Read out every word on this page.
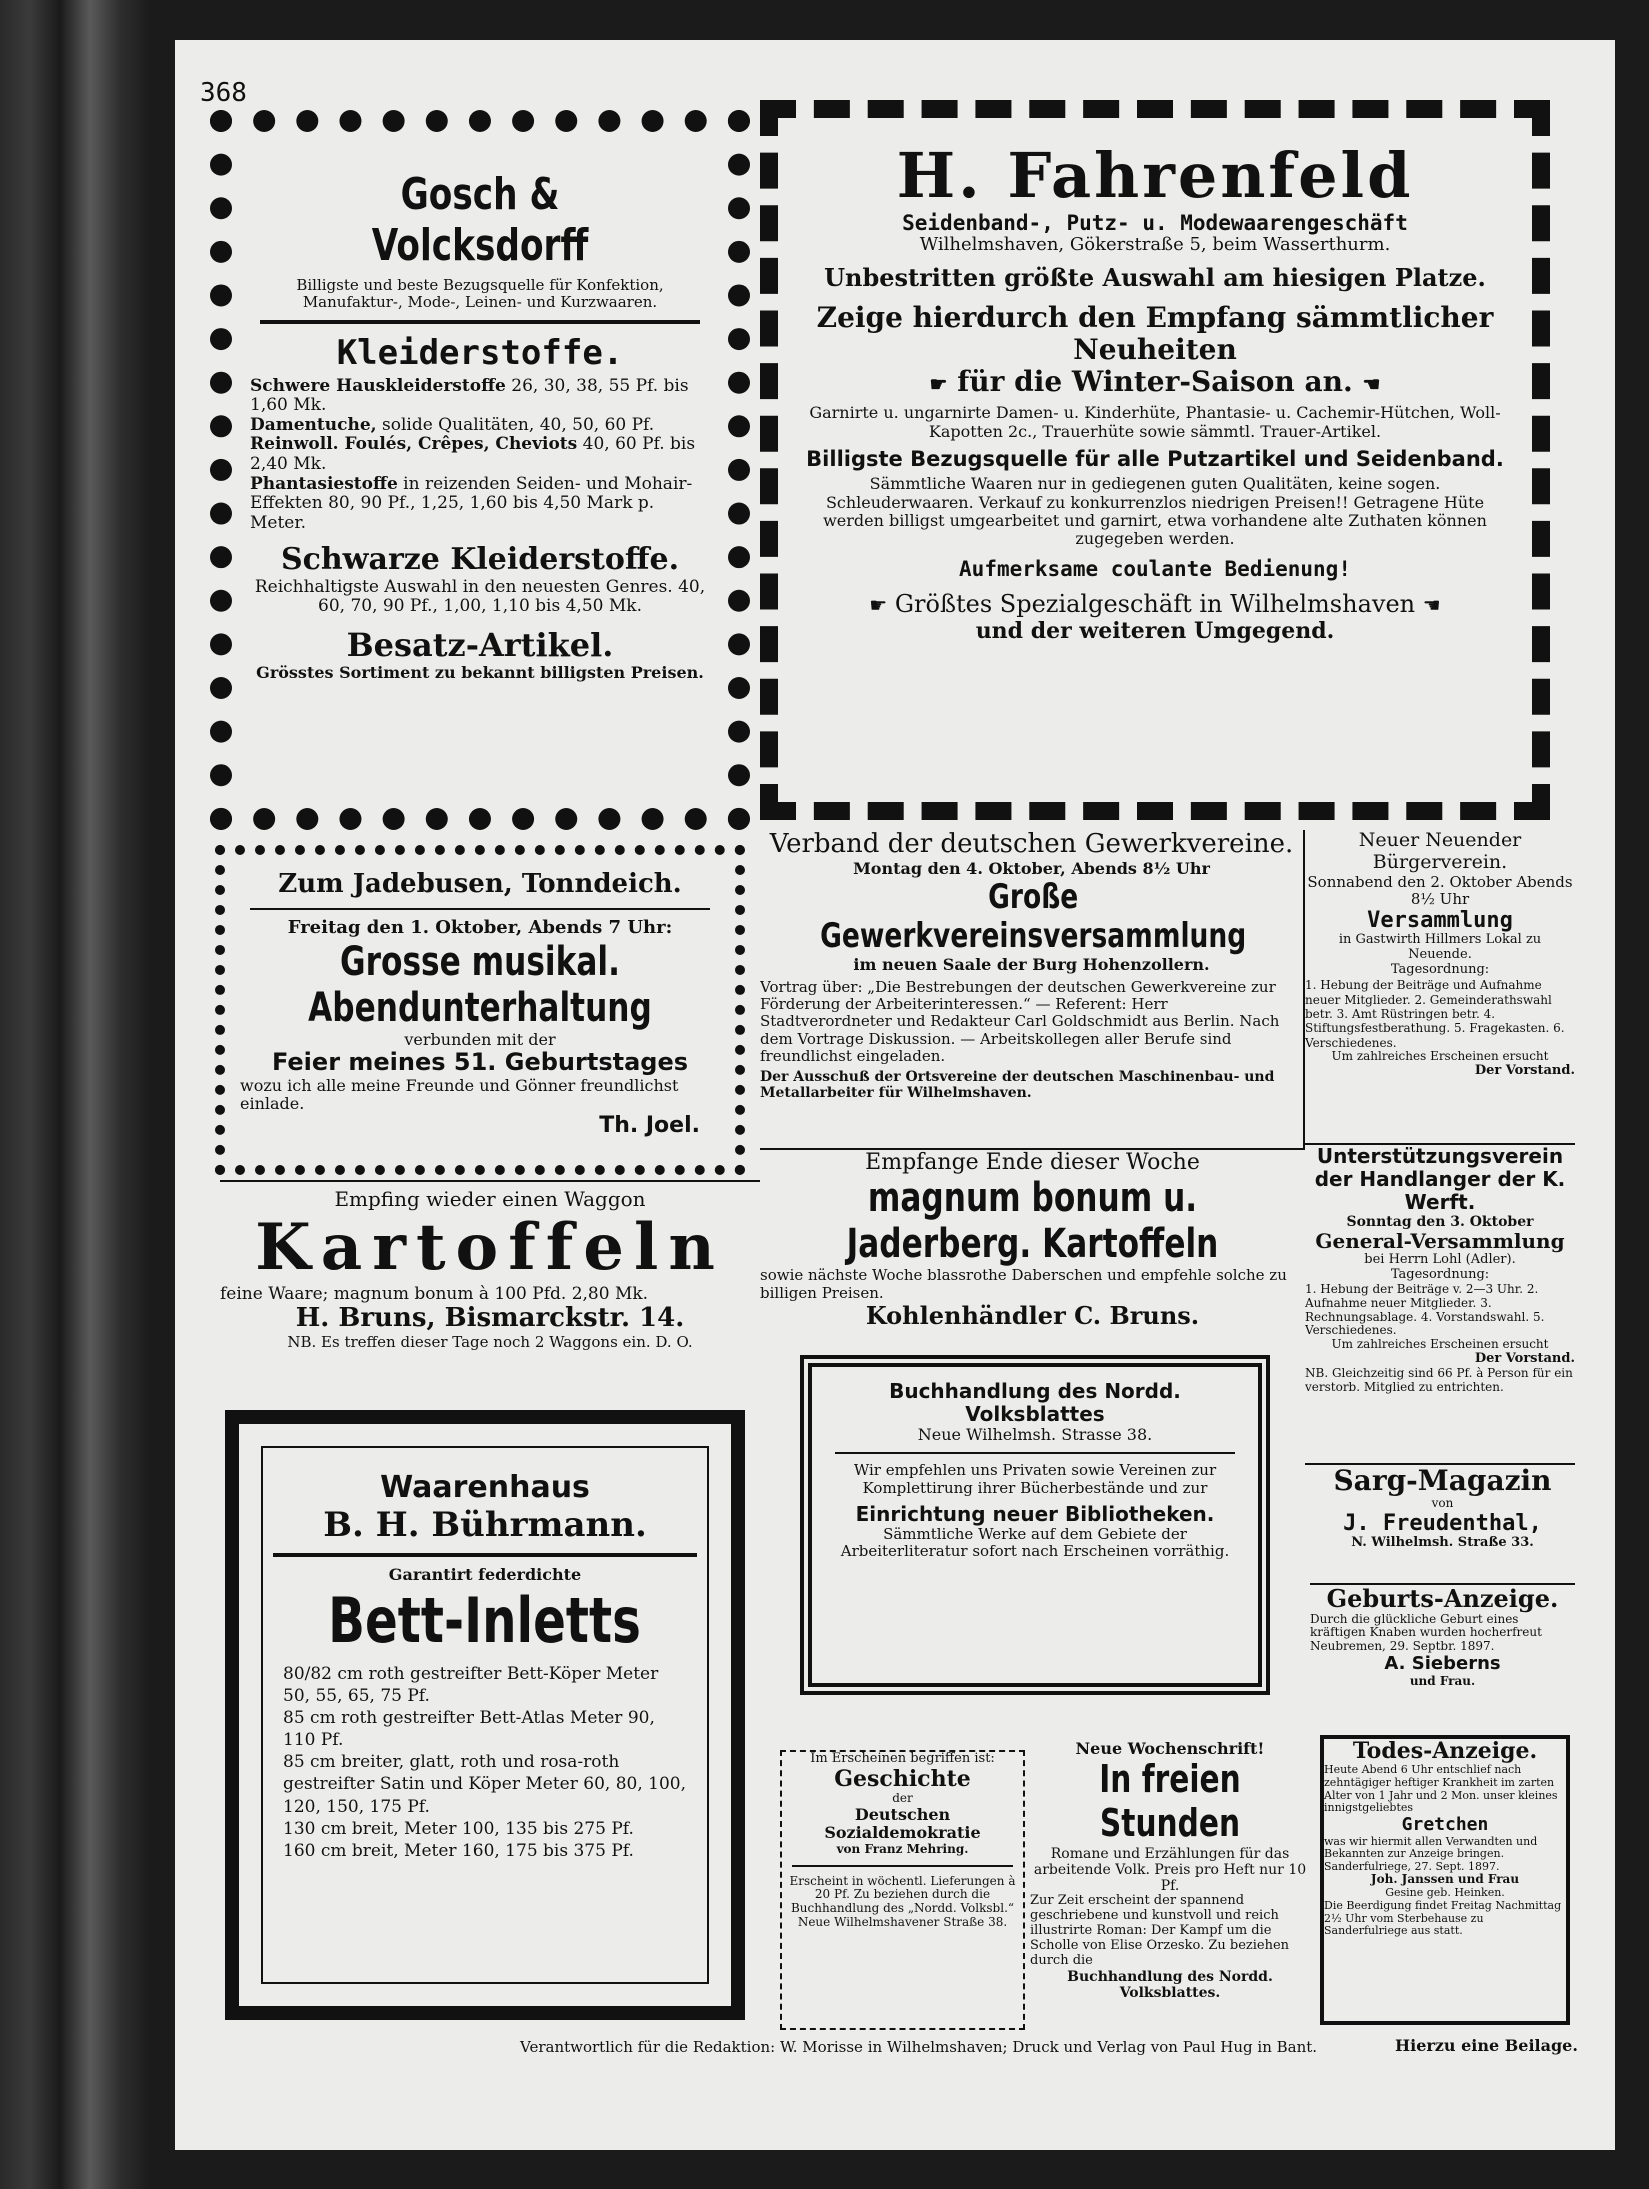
368
Gosch & Volcksdorff
Billigste und beste Bezugsquelle für Konfektion, Manufaktur-, Mode-, Leinen- und Kurzwaaren.
Kleiderstoffe.
Schwere Hauskleiderstoffe 26, 30, 38, 55 Pf. bis 1,60 Mk.
Damentuche, solide Qualitäten, 40, 50, 60 Pf.
Reinwoll. Foulés, Crêpes, Cheviots 40, 60 Pf. bis 2,40 Mk.
Phantasiestoffe in reizenden Seiden- und Mohair-Effekten 80, 90 Pf., 1,25, 1,60 bis 4,50 Mark p. Meter.
Schwarze Kleiderstoffe.
Reichhaltigste Auswahl in den neuesten Genres. 40, 60, 70, 90 Pf., 1,00, 1,10 bis 4,50 Mk.
Besatz-Artikel.
Grösstes Sortiment zu bekannt billigsten Preisen.
H. Fahrenfeld
Seidenband-, Putz- u. Modewaarengeschäft
Wilhelmshaven, Gökerstraße 5, beim Wasserthurm.
Unbestritten größte Auswahl am hiesigen Platze.
Zeige hierdurch den Empfang sämmtlicher Neuheiten
☛ für die Winter-Saison an. ☚
Garnirte u. ungarnirte Damen- u. Kinderhüte, Phantasie- u. Cachemir-Hütchen, Woll-Kapotten 2c., Trauerhüte sowie sämmtl. Trauer-Artikel.
Billigste Bezugsquelle für alle Putzartikel und Seidenband.
Sämmtliche Waaren nur in gediegenen guten Qualitäten, keine sogen. Schleuderwaaren. Verkauf zu konkurrenzlos niedrigen Preisen!! Getragene Hüte werden billigst umgearbeitet und garnirt, etwa vorhandene alte Zuthaten können zugegeben werden.
Aufmerksame coulante Bedienung!
☛ Größtes Spezialgeschäft in Wilhelmshaven ☚
und der weiteren Umgegend.
Zum Jadebusen, Tonndeich.
Freitag den 1. Oktober, Abends 7 Uhr:
Grosse musikal. Abendunterhaltung
verbunden mit der
Feier meines 51. Geburtstages
wozu ich alle meine Freunde und Gönner freundlichst einlade.
Th. Joel.
Empfing wieder einen Waggon
Kartoffeln
feine Waare; magnum bonum à 100 Pfd. 2,80 Mk.
H. Bruns, Bismarckstr. 14.
NB. Es treffen dieser Tage noch 2 Waggons ein. D. O.
Waarenhaus
B. H. Bührmann.
Garantirt federdichte
Bett-Inletts
80/82 cm roth gestreifter Bett-Köper Meter 50, 55, 65, 75 Pf.
85 cm roth gestreifter Bett-Atlas Meter 90, 110 Pf.
85 cm breiter, glatt, roth und rosa-roth gestreifter Satin und Köper Meter 60, 80, 100, 120, 150, 175 Pf.
130 cm breit, Meter 100, 135 bis 275 Pf.
160 cm breit, Meter 160, 175 bis 375 Pf.
Verband der deutschen Gewerkvereine.
Montag den 4. Oktober, Abends 8½ Uhr
Große Gewerkvereinsversammlung
im neuen Saale der Burg Hohenzollern.
Vortrag über: „Die Bestrebungen der deutschen Gewerkvereine zur Förderung der Arbeiterinteressen.“ — Referent: Herr Stadtverordneter und Redakteur Carl Goldschmidt aus Berlin. Nach dem Vortrage Diskussion. — Arbeitskollegen aller Berufe sind freundlichst eingeladen.
Der Ausschuß der Ortsvereine der deutschen Maschinenbau- und Metallarbeiter für Wilhelmshaven.
Neuer Neuender Bürgerverein.
Sonnabend den 2. Oktober Abends 8½ Uhr
Versammlung
in Gastwirth Hillmers Lokal zu Neuende.
Tagesordnung:
1. Hebung der Beiträge und Aufnahme neuer Mitglieder. 2. Gemeinderathswahl betr. 3. Amt Rüstringen betr. 4. Stiftungsfestberathung. 5. Fragekasten. 6. Verschiedenes.
Um zahlreiches Erscheinen ersucht
Der Vorstand.
Empfange Ende dieser Woche
magnum bonum u. Jaderberg. Kartoffeln
sowie nächste Woche blassrothe Daberschen und empfehle solche zu billigen Preisen.
Kohlenhändler C. Bruns.
Unterstützungsverein der Handlanger der K. Werft.
Sonntag den 3. Oktober
General-Versammlung
bei Herrn Lohl (Adler).
Tagesordnung:
1. Hebung der Beiträge v. 2—3 Uhr. 2. Aufnahme neuer Mitglieder. 3. Rechnungsablage. 4. Vorstandswahl. 5. Verschiedenes.
Um zahlreiches Erscheinen ersucht
Der Vorstand.
NB. Gleichzeitig sind 66 Pf. à Person für ein verstorb. Mitglied zu entrichten.
Buchhandlung des Nordd. Volksblattes
Neue Wilhelmsh. Strasse 38.
Wir empfehlen uns Privaten sowie Vereinen zur Komplettirung ihrer Bücherbestände und zur
Einrichtung neuer Bibliotheken.
Sämmtliche Werke auf dem Gebiete der Arbeiterliteratur sofort nach Erscheinen vorräthig.
Im Erscheinen begriffen ist:
Geschichte
der
Deutschen Sozialdemokratie
von Franz Mehring.
Erscheint in wöchentl. Lieferungen à 20 Pf. Zu beziehen durch die Buchhandlung des „Nordd. Volksbl.“ Neue Wilhelmshavener Straße 38.
Neue Wochenschrift!
In freien Stunden
Romane und Erzählungen für das arbeitende Volk. Preis pro Heft nur 10 Pf.
Zur Zeit erscheint der spannend geschriebene und kunstvoll und reich illustrirte Roman: Der Kampf um die Scholle von Elise Orzesko. Zu beziehen durch die
Buchhandlung des Nordd. Volksblattes.
Sarg-Magazin
von
J. Freudenthal,
N. Wilhelmsh. Straße 33.
Geburts-Anzeige.
Durch die glückliche Geburt eines kräftigen Knaben wurden hocherfreut Neubremen, 29. Septbr. 1897.
A. Sieberns
und Frau.
Todes-Anzeige.
Heute Abend 6 Uhr entschlief nach zehntägiger heftiger Krankheit im zarten Alter von 1 Jahr und 2 Mon. unser kleines innigstgeliebtes
Gretchen
was wir hiermit allen Verwandten und Bekannten zur Anzeige bringen. Sanderfulriege, 27. Sept. 1897.
Joh. Janssen und Frau
Gesine geb. Heinken.
Die Beerdigung findet Freitag Nachmittag 2½ Uhr vom Sterbehause zu Sanderfulriege aus statt.
Verantwortlich für die Redaktion: W. Morisse in Wilhelmshaven; Druck und Verlag von Paul Hug in Bant.	Hierzu eine Beilage.
